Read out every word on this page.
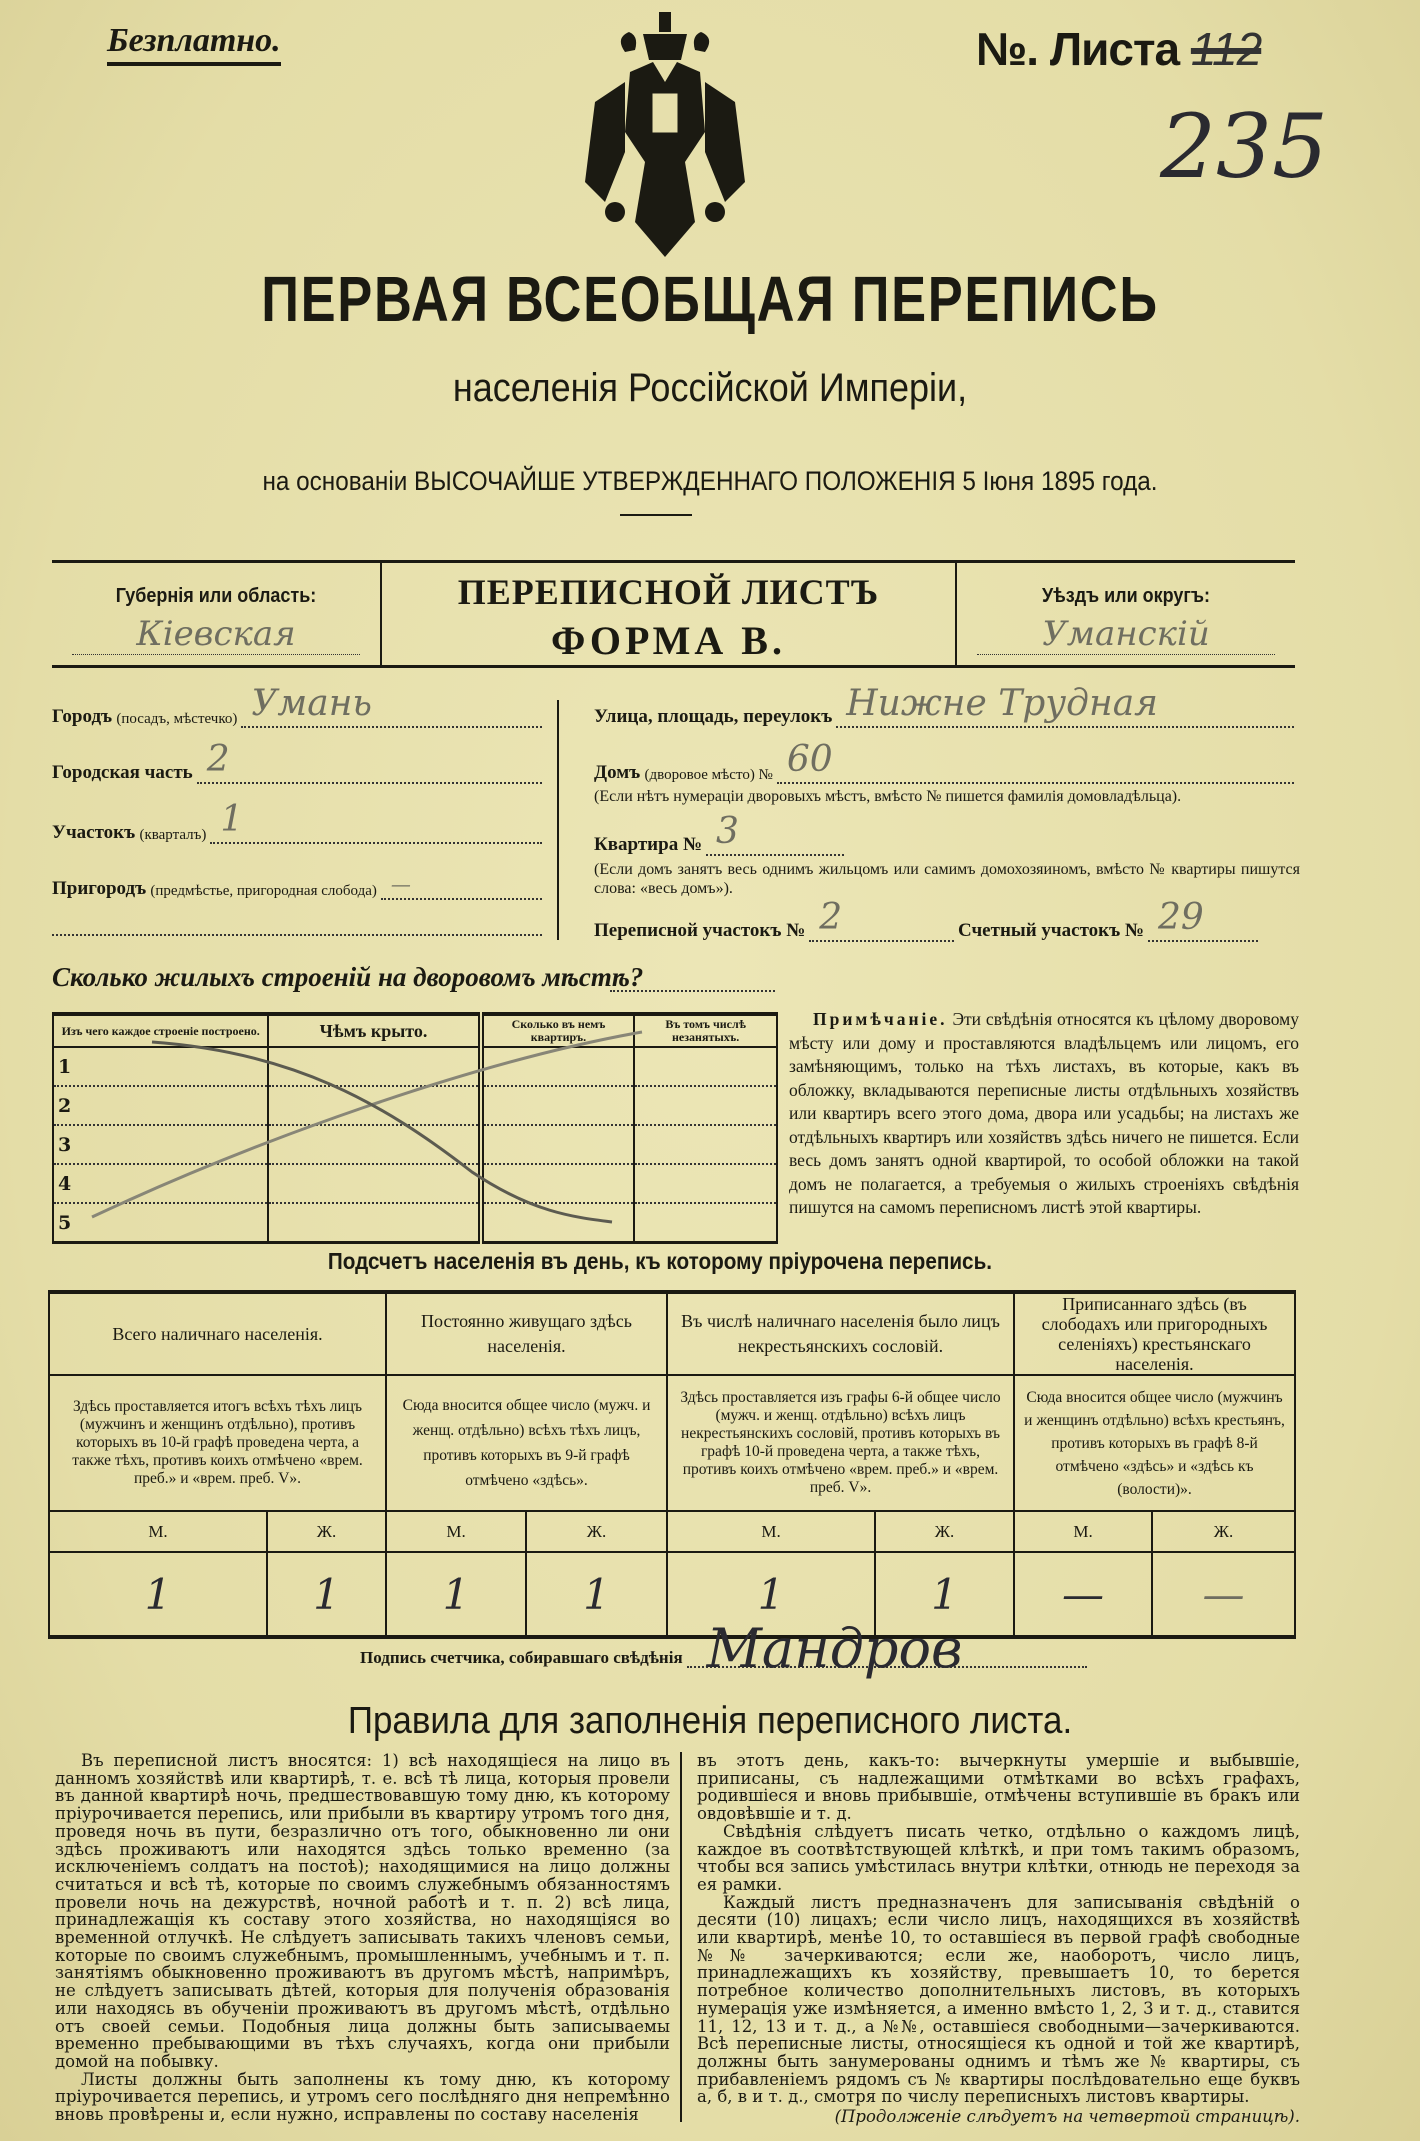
Безплатно.	№. Листа 112
235
ПЕРВАЯ ВСЕОБЩАЯ ПЕРЕПИСЬ
населенія Россійской Имперіи,
на основаніи ВЫСОЧАЙШЕ УТВЕРЖДЕННАГО ПОЛОЖЕНІЯ 5 Іюня 1895 года.
Губернія или область:
Кіевская
ПЕРЕПИСНОЙ ЛИСТЪ
ФОРМА В.
Уѣздъ или округъ:
Уманскій
Городъ
(посадъ, мѣстечко) Умань
Городская часть 2
Участокъ
(кварталъ) 1
Пригородъ
(предмѣстье, пригородная слобода) —
Улица, площадь, переулокъ Нижне Трудная
Домъ
(дворовое мѣсто) № 60
(Если нѣтъ нумераціи дворовыхъ мѣстъ, вмѣсто № пишется фамилія домовладѣльца).
Квартира № 3
(Если домъ занятъ весь однимъ жильцомъ или самимъ домохозяиномъ, вмѣсто № квартиры пишутся слова: «весь домъ»).
Переписной участокъ № 2	Счетный участокъ № 29
Сколько жилыхъ строеній на дворовомъ мѣстѣ?
Изъ чего каждое строеніе построено.	Чѣмъ крыто.	Сколько въ немъ квартиръ.	Въ томъ числѣ незанятыхъ.
1			
2			
3			
4			
5			
Примѣчаніе. Эти свѣдѣнія относятся къ цѣлому дворовому мѣсту или дому и проставляются владѣльцемъ или лицомъ, его замѣняющимъ, только на тѣхъ листахъ, въ которые, какъ въ обложку, вкладываются переписные листы отдѣльныхъ хозяйствъ или квартиръ всего этого дома, двора или усадьбы; на листахъ же отдѣльныхъ квартиръ или хозяйствъ здѣсь ничего не пишется. Если весь домъ занятъ одной квартирой, то особой обложки на такой домъ не полагается, а требуемыя о жилыхъ строеніяхъ свѣдѣнія пишутся на самомъ переписномъ листѣ этой квартиры.
Подсчетъ населенія въ день, къ которому пріурочена перепись.
Всего наличнаго населенія.		Постоянно живущаго здѣсь населенія.		Въ числѣ наличнаго населенія было лицъ некрестьянскихъ сословій.		Приписаннаго здѣсь (въ слободахъ или пригородныхъ селеніяхъ) крестьянскаго населенія.	
Здѣсь проставляется итогъ всѣхъ тѣхъ лицъ (мужчинъ и женщинъ отдѣльно), противъ которыхъ въ 10-й графѣ проведена черта, а также тѣхъ, противъ коихъ отмѣчено «врем. преб.» и «врем. преб. V».		Сюда вносится общее число (мужч. и женщ. отдѣльно) всѣхъ тѣхъ лицъ, противъ которыхъ въ 9-й графѣ отмѣчено «здѣсь».		Здѣсь проставляется изъ графы 6-й общее число (мужч. и женщ. отдѣльно) всѣхъ лицъ некрестьянскихъ сословій, противъ которыхъ въ графѣ 10-й проведена черта, а также тѣхъ, противъ коихъ отмѣчено «врем. преб.» и «врем. преб. V».		Сюда вносится общее число (мужчинъ и женщинъ отдѣльно) всѣхъ крестьянъ, противъ которыхъ въ графѣ 8-й отмѣчено «здѣсь» и «здѣсь къ (волости)».	
М.	Ж.	М.	Ж.	М.	Ж.	М.	Ж.
1	1	1	1	1	1	—	—
Подпись счетчика, собиравшаго свѣдѣнія Мандров
Правила для заполненія переписного листа.

Въ переписной листъ вносятся: 1) всѣ находящіеся на лицо въ данномъ хозяйствѣ или квартирѣ, т. е. всѣ тѣ лица, которыя провели въ данной квартирѣ ночь, предшествовавшую тому дню, къ которому пріурочивается перепись, или прибыли въ квартиру утромъ того дня, проведя ночь въ пути, безразлично отъ того, обыкновенно ли они здѣсь проживаютъ или находятся здѣсь только временно (за исключеніемъ солдатъ на постоѣ); находящимися на лицо должны считаться и всѣ тѣ, которые по своимъ служебнымъ обязанностямъ провели ночь на дежурствѣ, ночной работѣ и т. п. 2) всѣ лица, принадлежащія къ составу этого хозяйства, но находящіяся во временной отлучкѣ. Не слѣдуетъ записывать такихъ членовъ семьи, которые по своимъ служебнымъ, промышленнымъ, учебнымъ и т. п. занятіямъ обыкновенно проживаютъ въ другомъ мѣстѣ, напримѣръ, не слѣдуетъ записывать дѣтей, которыя для полученія образованія или находясь въ обученіи проживаютъ въ другомъ мѣстѣ, отдѣльно отъ своей семьи. Подобныя лица должны быть записываемы временно пребывающими въ тѣхъ случаяхъ, когда они прибыли домой на побывку.

Листы должны быть заполнены къ тому дню, къ которому пріурочивается перепись, и утромъ сего послѣдняго дня непремѣнно вновь провѣрены и, если нужно, исправлены по составу населенія

въ этотъ день, какъ-то: вычеркнуты умершіе и выбывшіе, приписаны, съ надлежащими отмѣтками во всѣхъ графахъ, родившіеся и вновь прибывшіе, отмѣчены вступившіе въ бракъ или овдовѣвшіе и т. д.

Свѣдѣнія слѣдуетъ писать четко, отдѣльно о каждомъ лицѣ, каждое въ соотвѣтствующей клѣткѣ, и при томъ такимъ образомъ, чтобы вся запись умѣстилась внутри клѣтки, отнюдь не переходя за ея рамки.

Каждый листъ предназначенъ для записыванія свѣдѣній о десяти (10) лицахъ; если число лицъ, находящихся въ хозяйствѣ или квартирѣ, менѣе 10, то оставшіеся въ первой графѣ свободные №№ зачеркиваются; если же, наоборотъ, число лицъ, принадлежащихъ къ хозяйству, превышаетъ 10, то берется потребное количество дополнительныхъ листовъ, въ которыхъ нумерація уже измѣняется, а именно вмѣсто 1, 2, 3 и т. д., ставится 11, 12, 13 и т. д., а №№, оставшіеся свободными—зачеркиваются. Всѣ переписные листы, относящіеся къ одной и той же квартирѣ, должны быть занумерованы однимъ и тѣмъ же № квартиры, съ прибавленіемъ рядомъ съ № квартиры послѣдовательно еще буквъ а, б, в и т. д., смотря по числу переписныхъ листовъ квартиры.

(Продолженіе слѣдуетъ на четвертой страницѣ).
